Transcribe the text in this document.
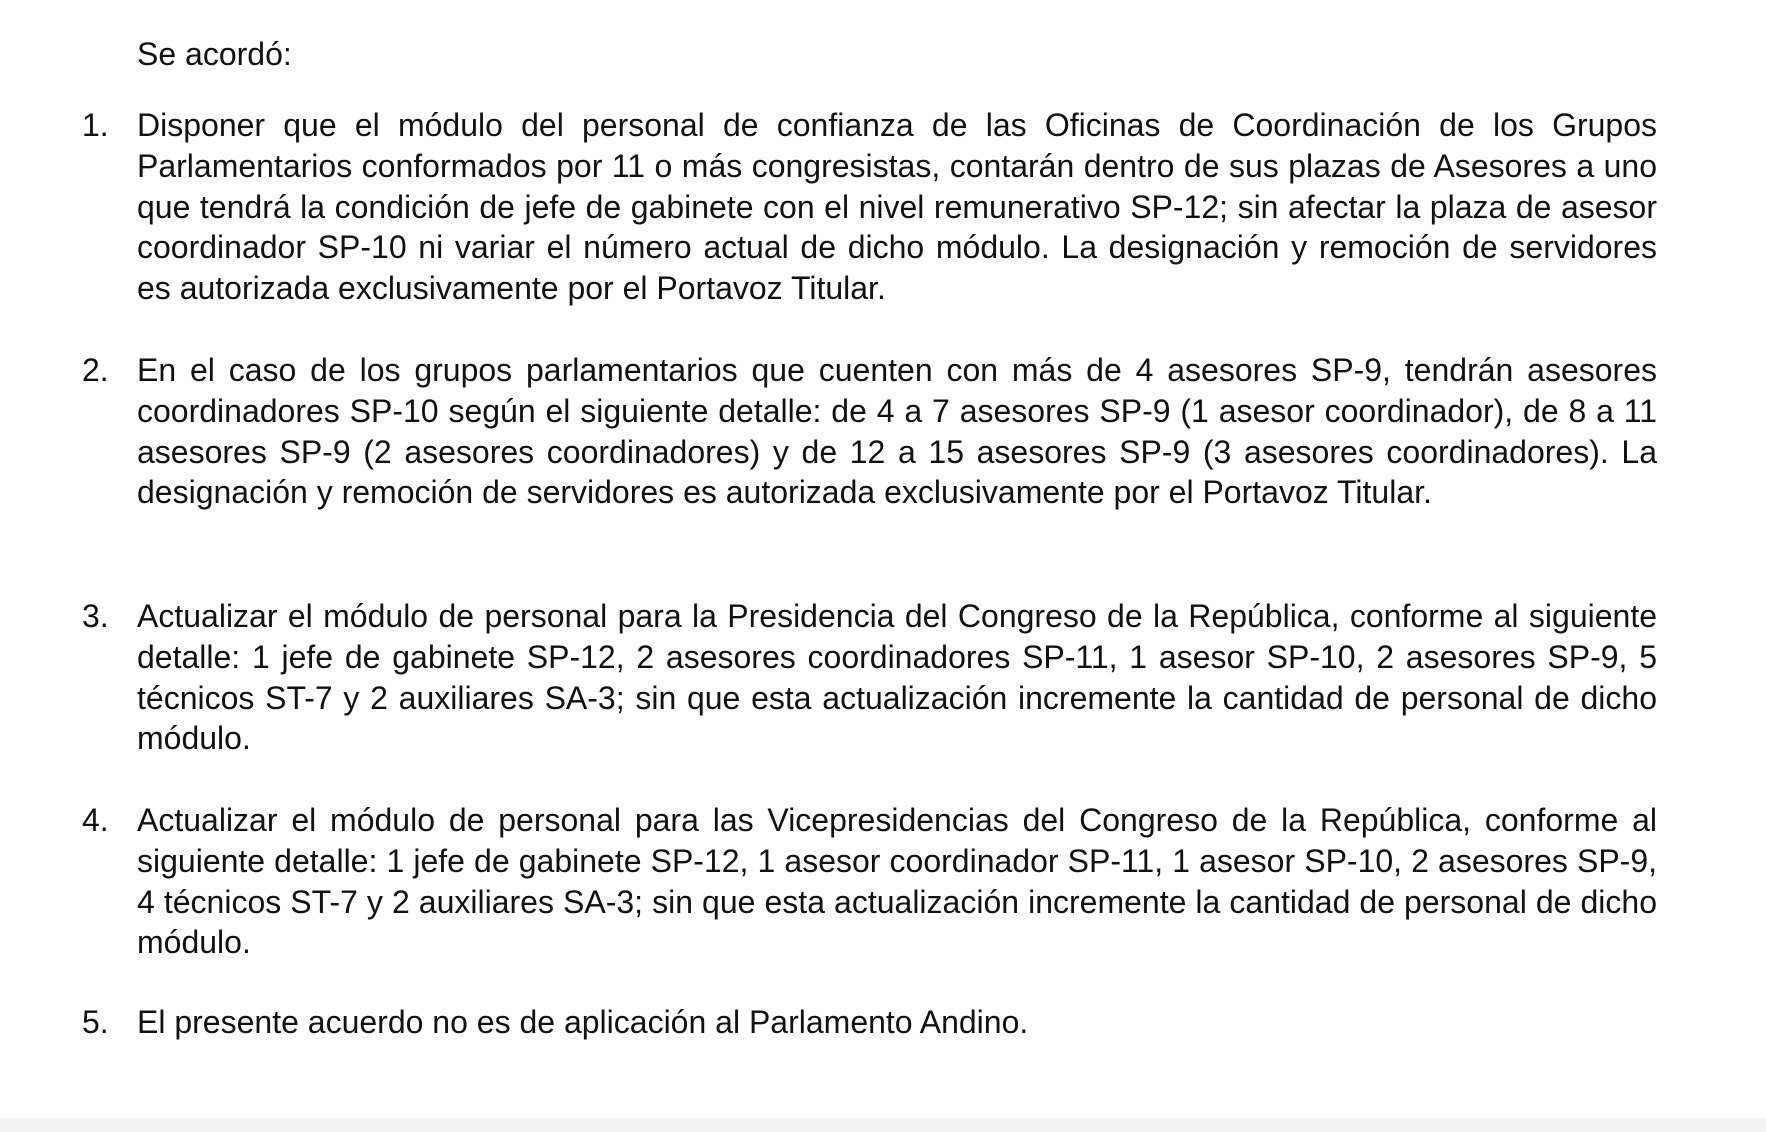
Se acordó:
1. Disponer que el módulo del personal de confianza de las Oficinas de Coordinación de los Grupos Parlamentarios conformados por 11 o más congresistas, contarán dentro de sus plazas de Asesores a uno que tendrá la condición de jefe de gabinete con el nivel remunerativo SP-12; sin afectar la plaza de asesor coordinador SP-10 ni variar el número actual de dicho módulo. La designación y remoción de servidores es autorizada exclusivamente por el Portavoz Titular.
2. En el caso de los grupos parlamentarios que cuenten con más de 4 asesores SP-9, tendrán asesores coordinadores SP-10 según el siguiente detalle: de 4 a 7 asesores SP-9 (1 asesor coordinador), de 8 a 11 asesores SP-9 (2 asesores coordinadores) y de 12 a 15 asesores SP-9 (3 asesores coordinadores). La designación y remoción de servidores es autorizada exclusivamente por el Portavoz Titular.
3. Actualizar el módulo de personal para la Presidencia del Congreso de la República, conforme al siguiente detalle: 1 jefe de gabinete SP-12, 2 asesores coordinadores SP-11, 1 asesor SP-10, 2 asesores SP-9, 5 técnicos ST-7 y 2 auxiliares SA-3; sin que esta actualización incremente la cantidad de personal de dicho módulo.
4. Actualizar el módulo de personal para las Vicepresidencias del Congreso de la República, conforme al siguiente detalle: 1 jefe de gabinete SP-12, 1 asesor coordinador SP-11, 1 asesor SP-10, 2 asesores SP-9, 4 técnicos ST-7 y 2 auxiliares SA-3; sin que esta actualización incremente la cantidad de personal de dicho módulo.
5. El presente acuerdo no es de aplicación al Parlamento Andino.
